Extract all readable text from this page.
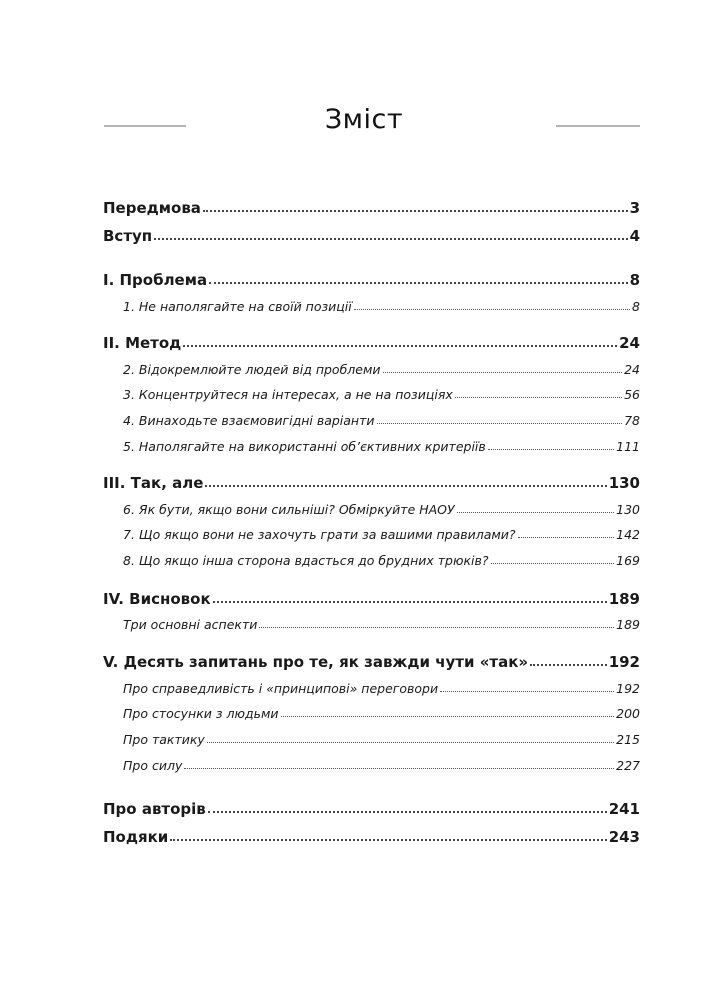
Зміст
Передмова	3
Вступ	4
I. Проблема	8
1. Не наполягайте на своїй позиції	8
II. Метод	24
2. Відокремлюйте людей від проблеми	24
3. Концентруйтеся на інтересах, а не на позиціях	56
4. Винаходьте взаємовигідні варіанти	78
5. Наполягайте на використанні об’єктивних критеріїв	111
III. Так, але	130
6. Як бути, якщо вони сильніші? Обміркуйте НАОУ	130
7. Що якщо вони не захочуть грати за вашими правилами?	142
8. Що якщо інша сторона вдасться до брудних трюків?	169
IV. Висновок	189
Три основні аспекти	189
V. Десять запитань про те, як завжди чути «так»	192
Про справедливість і «принципові» переговори	192
Про стосунки з людьми	200
Про тактику	215
Про силу	227
Про авторів	241
Подяки	243
